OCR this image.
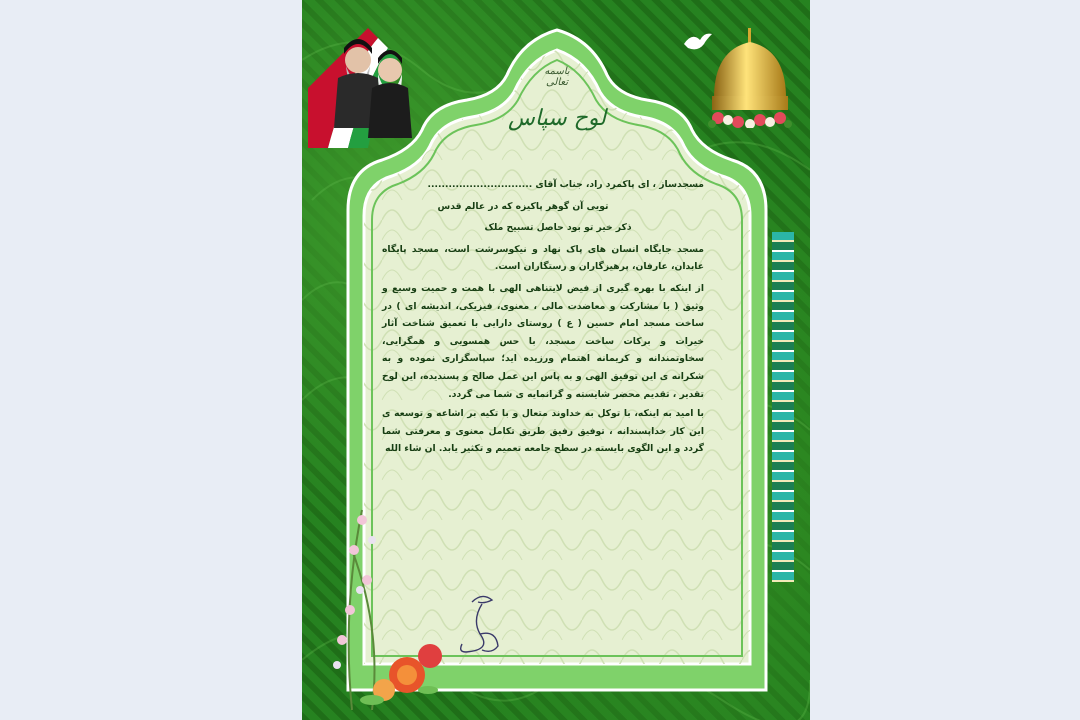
باسمه تعالی
لوح سپاس

مسجدساز ، ای پاکمرد راد، جناب آقای ..............................

تویی آن گوهر پاکیزه که در عالم قدس

ذکر خیر تو بود حاصل تسبیح ملک

مسجد جایگاه انسان های پاک نهاد و نیکوسرشت است، مسجد پایگاه عابدان، عارفان، پرهیزگاران و رستگاران است.

از اینکه با بهره گیری از فیض لایتناهی الهی با همت و حمیت وسیع و وثیق ( با مشارکت و معاضدت مالی ، معنوی، فیزیکی، اندیشه ای ) در ساخت مسجد امام حسین ( ع ) روستای دارایی با تعمیق شناخت آثار خیرات و برکات ساخت مسجد، با حس همسویی و همگرایی، سخاوتمندانه و کریمانه اهتمام ورزیده اید؛ سپاسگزاری نموده و به شکرانه ی این توفیق الهی و به پاس این عمل صالح و پسندیده، این لوح تقدیر ، تقدیم محضر شایسته و گرانمایه ی شما می گردد.

با امید به اینکه، با توکل به خداوند متعال و با تکیه بر اشاعه و توسعه ی این کار خداپسندانه ، توفیق رفیق طریق تکامل معنوی و معرفتی شما گردد و این الگوی بایسته در سطح جامعه تعمیم و تکثیر یابد. ان شاء الله
